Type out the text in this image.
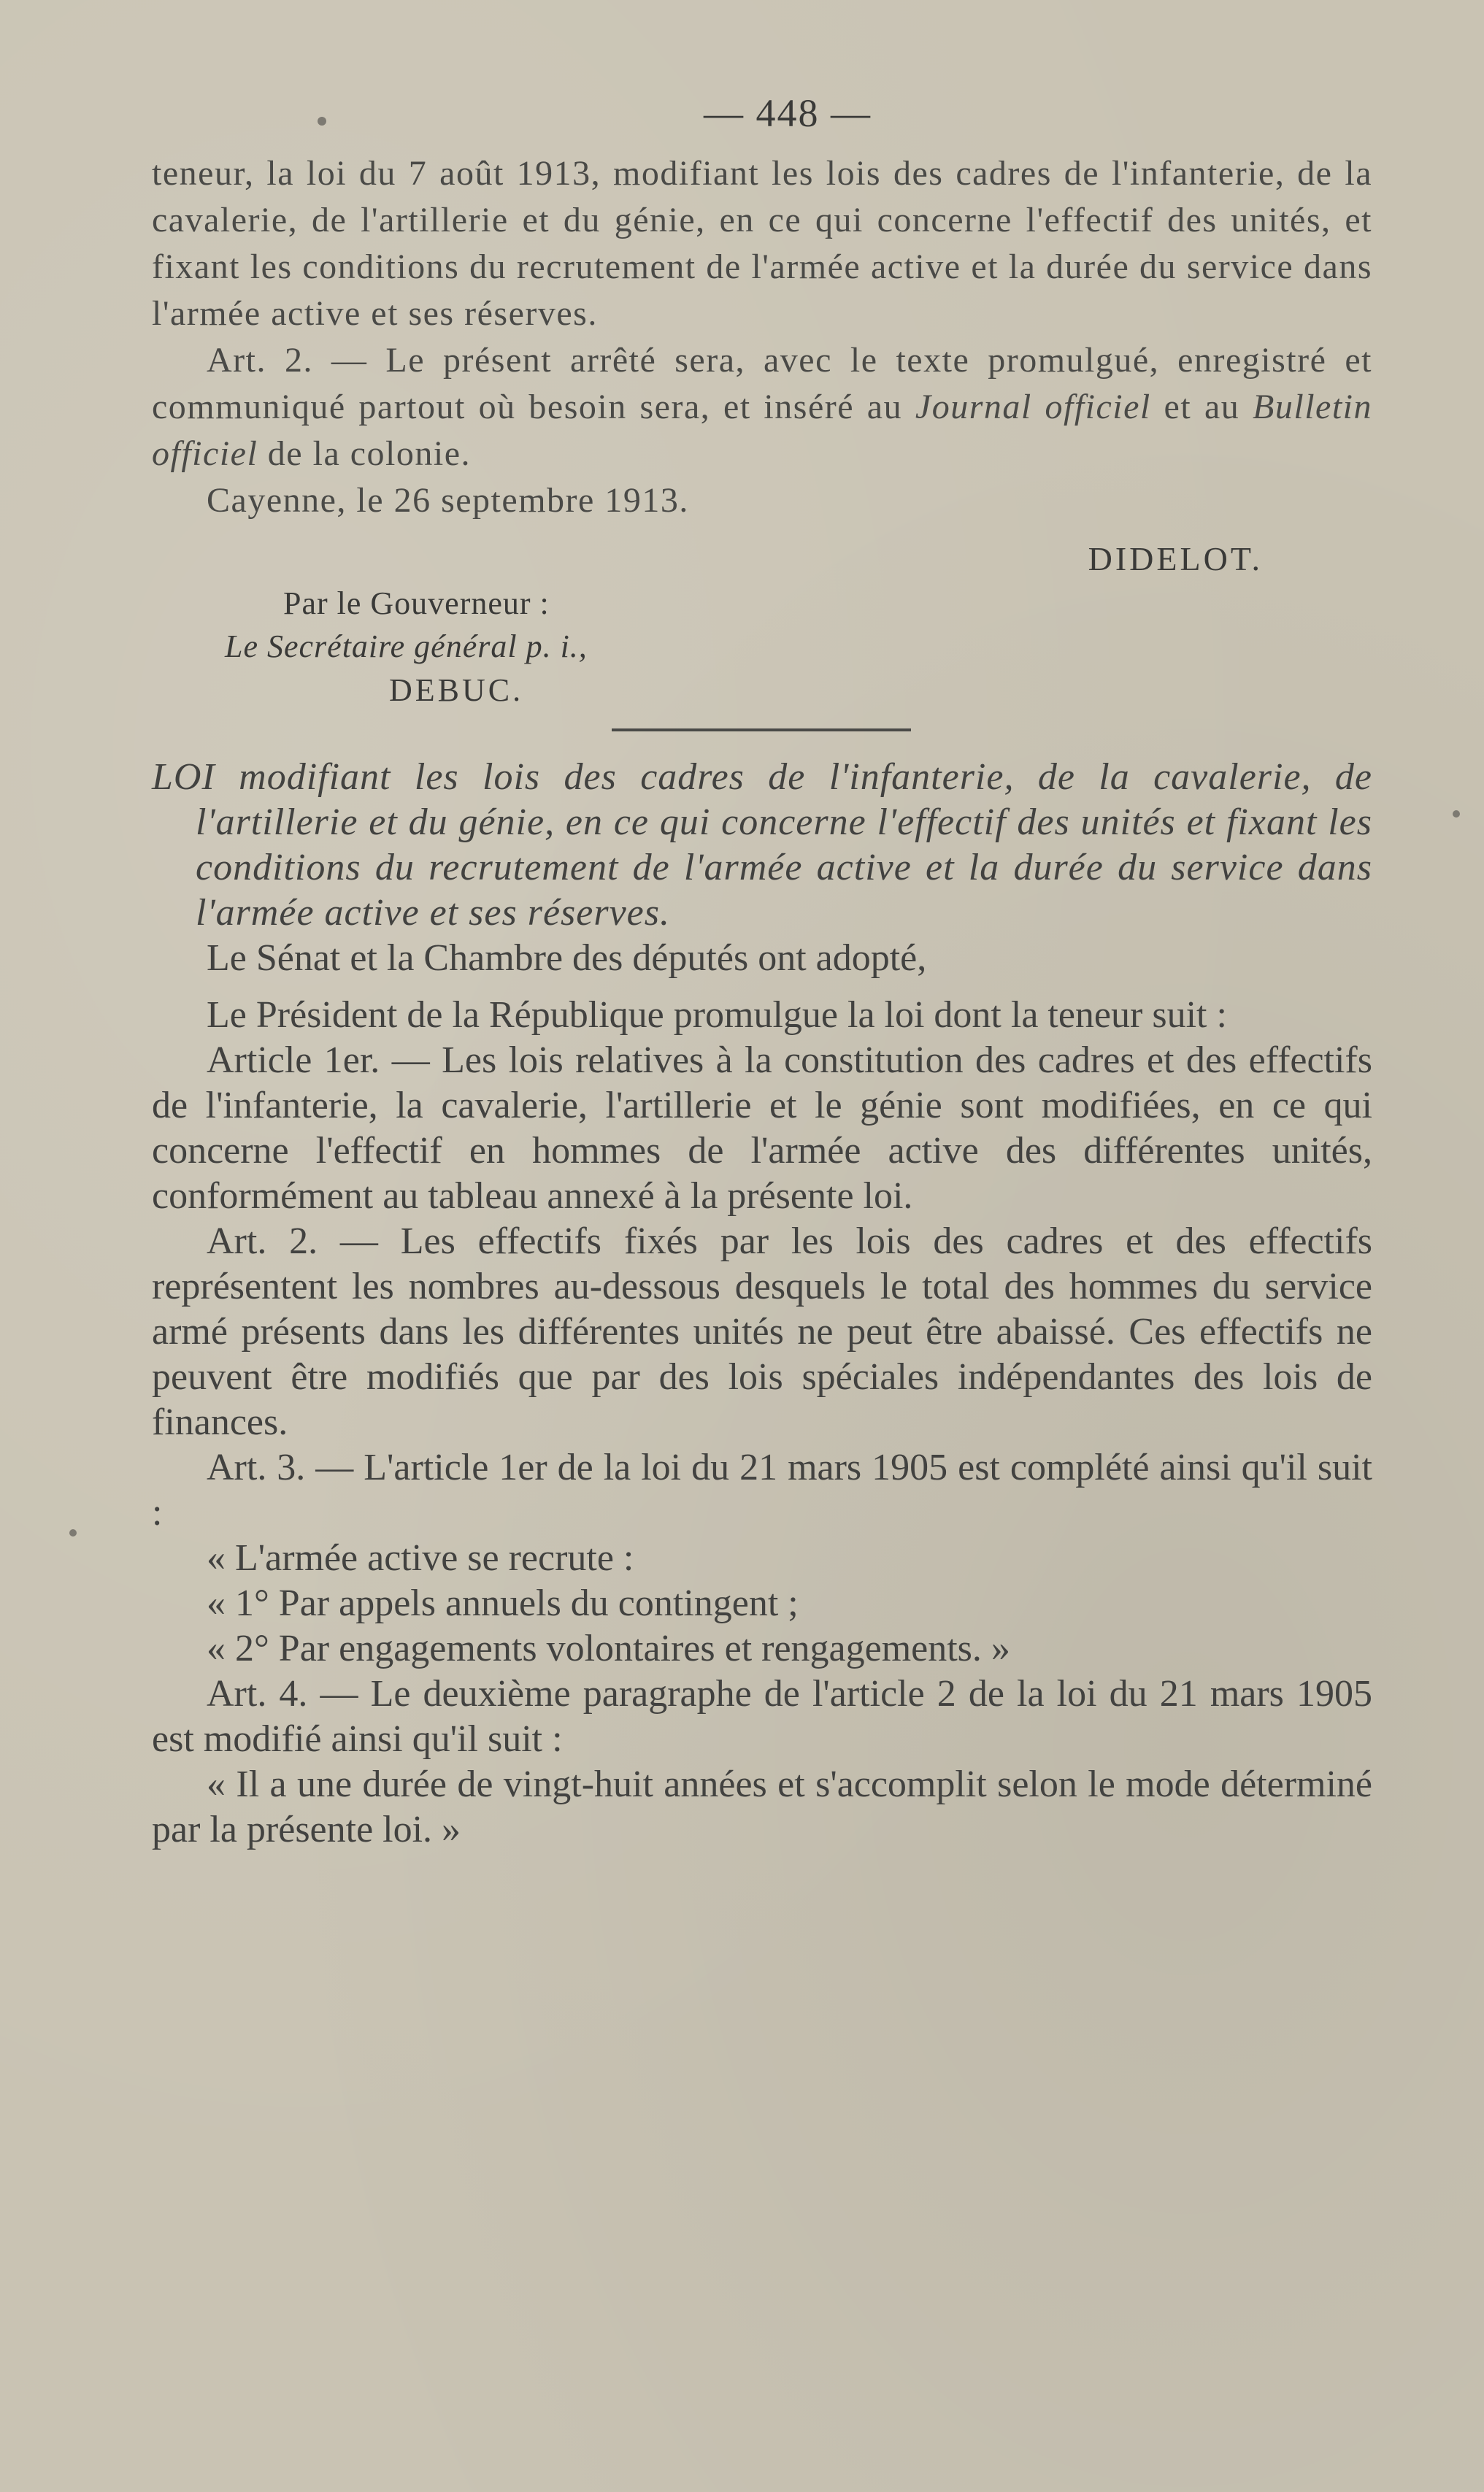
— 448 —

teneur, la loi du 7 août 1913, modifiant les lois des cadres de l'infanterie, de la cavalerie, de l'artillerie et du génie, en ce qui concerne l'effectif des unités, et fixant les conditions du recrutement de l'armée active et la durée du service dans l'armée active et ses réserves.

Art. 2. — Le présent arrêté sera, avec le texte promulgué, enregistré et communiqué partout où besoin sera, et inséré au Journal officiel et au Bulletin officiel de la colonie.

Cayenne, le 26 septembre 1913.
DIDELOT.
Par le Gouverneur :
Le Secrétaire général p. i.,
DEBUC.

LOI modifiant les lois des cadres de l'infanterie, de la cavalerie, de l'artillerie et du génie, en ce qui concerne l'effectif des unités et fixant les conditions du recrutement de l'armée active et la durée du service dans l'armée active et ses réserves.

Le Sénat et la Chambre des députés ont adopté,

Le Président de la République promulgue la loi dont la teneur suit :

Article 1er. — Les lois relatives à la constitution des cadres et des effectifs de l'infanterie, la cavalerie, l'artillerie et le génie sont modifiées, en ce qui concerne l'effectif en hommes de l'armée active des différentes unités, conformément au tableau annexé à la présente loi.

Art. 2. — Les effectifs fixés par les lois des cadres et des effectifs représentent les nombres au-dessous desquels le total des hommes du service armé présents dans les différentes unités ne peut être abaissé. Ces effectifs ne peuvent être modifiés que par des lois spéciales indépendantes des lois de finances.

Art. 3. — L'article 1er de la loi du 21 mars 1905 est complété ainsi qu'il suit :

« L'armée active se recrute :

« 1° Par appels annuels du contingent ;

« 2° Par engagements volontaires et rengagements. »

Art. 4. — Le deuxième paragraphe de l'article 2 de la loi du 21 mars 1905 est modifié ainsi qu'il suit :

« Il a une durée de vingt-huit années et s'accomplit selon le mode déterminé par la présente loi. »
